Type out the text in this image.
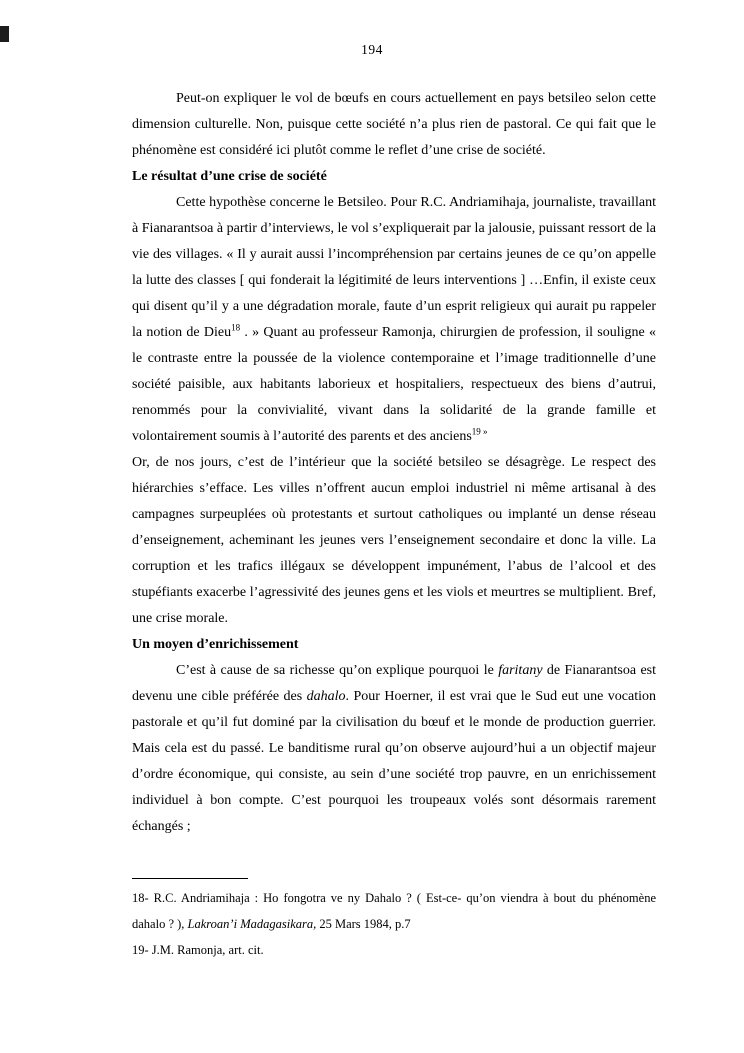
194

Peut-on expliquer le vol de bœufs en cours actuellement en pays betsileo selon cette dimension culturelle. Non, puisque cette société n’a plus rien de pastoral. Ce qui fait que le phénomène est considéré ici plutôt comme le reflet d’une crise de société.

Le résultat d’une crise de société

Cette hypothèse concerne le Betsileo. Pour R.C. Andriamihaja, journaliste, travaillant à Fianarantsoa à partir d’interviews, le vol s’expliquerait par la jalousie, puissant ressort de la vie des villages. « Il y aurait aussi l’incompréhension par certains jeunes de ce qu’on appelle la lutte des classes [ qui fonderait la légitimité de leurs interventions ] …Enfin, il existe ceux qui disent qu’il y a une dégradation morale, faute d’un esprit religieux qui aurait pu rappeler la notion de Dieu$^{18}$ . » Quant au professeur Ramonja, chirurgien de profession, il souligne « le contraste entre la poussée de la violence contemporaine et l’image traditionnelle d’une société paisible, aux habitants laborieux et hospitaliers, respectueux des biens d’autrui, renommés pour la convivialité, vivant dans la solidarité de la grande famille et volontairement soumis à l’autorité des parents et des anciens$^{19 »}$

Or, de nos jours, c’est de l’intérieur que la société betsileo se désagrège. Le respect des hiérarchies s’efface. Les villes n’offrent aucun emploi industriel ni même artisanal à des campagnes surpeuplées où protestants et surtout catholiques ou implanté un dense réseau d’enseignement, acheminant les jeunes vers l’enseignement secondaire et donc la ville. La corruption et les trafics illégaux se développent impunément, l’abus de l’alcool et des stupéfiants exacerbe l’agressivité des jeunes gens et les viols et meurtres se multiplient. Bref, une crise morale.

Un moyen d’enrichissement

C’est à cause de sa richesse qu’on explique pourquoi le faritany de Fianarantsoa est devenu une cible préférée des dahalo. Pour Hoerner, il est vrai que le Sud eut une vocation pastorale et qu’il fut dominé par la civilisation du bœuf et le monde de production guerrier. Mais cela est du passé. Le banditisme rural qu’on observe aujourd’hui a un objectif majeur d’ordre économique, qui consiste, au sein d’une société trop pauvre, en un enrichissement individuel à bon compte. C’est pourquoi les troupeaux volés sont désormais rarement échangés ;

18- R.C. Andriamihaja : Ho fongotra ve ny Dahalo ? ( Est-ce- qu’on viendra à bout du phénomène dahalo ? ), Lakroan’i Madagasikara, 25 Mars 1984, p.7

19- J.M. Ramonja, art. cit.
